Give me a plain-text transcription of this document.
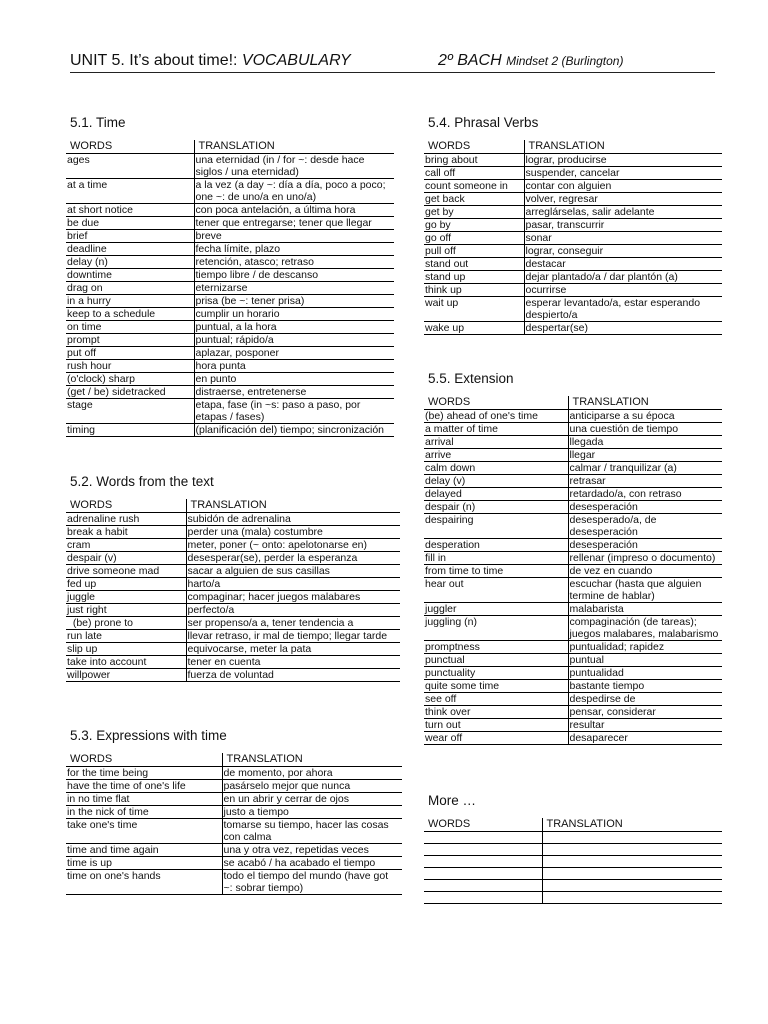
UNIT 5. It’s about time!: VOCABULARY	2º BACH Mindset 2 (Burlington)
5.1. Time
WORDS	TRANSLATION
ages	una eternidad (in / for ~: desde hace siglos / una eternidad)
at a time	a la vez (a day ~: día a día, poco a poco; one ~: de uno/a en uno/a)
at short notice	con poca antelación, a última hora
be due	tener que entregarse; tener que llegar
brief	breve
deadline	fecha límite, plazo
delay (n)	retención, atasco; retraso
downtime	tiempo libre / de descanso
drag on	eternizarse
in a hurry	prisa (be ~: tener prisa)
keep to a schedule	cumplir un horario
on time	puntual, a la hora
prompt	puntual; rápido/a
put off	aplazar, posponer
rush hour	hora punta
(o'clock) sharp	en punto
(get / be) sidetracked	distraerse, entretenerse
stage	etapa, fase (in ~s: paso a paso, por etapas / fases)
timing	(planificación del) tiempo; sincronización
5.2. Words from the text
WORDS	TRANSLATION
adrenaline rush	subidón de adrenalina
break a habit	perder una (mala) costumbre
cram	meter, poner (~ onto: apelotonarse en)
despair (v)	desesperar(se), perder la esperanza
drive someone mad	sacar a alguien de sus casillas
fed up	harto/a
juggle	compaginar; hacer juegos malabares
just right	perfecto/a
(be) prone to	ser propenso/a a, tener tendencia a
run late	llevar retraso, ir mal de tiempo; llegar tarde
slip up	equivocarse, meter la pata
take into account	tener en cuenta
willpower	fuerza de voluntad
5.3. Expressions with time
WORDS	TRANSLATION
for the time being	de momento, por ahora
have the time of one's life	pasárselo mejor que nunca
in no time flat	en un abrir y cerrar de ojos
in the nick of time	justo a tiempo
take one's time	tomarse su tiempo, hacer las cosas con calma
time and time again	una y otra vez, repetidas veces
time is up	se acabó / ha acabado el tiempo
time on one's hands	todo el tiempo del mundo (have got ~: sobrar tiempo)
5.4. Phrasal Verbs
WORDS	TRANSLATION
bring about	lograr, producirse
call off	suspender, cancelar
count someone in	contar con alguien
get back	volver, regresar
get by	arreglárselas, salir adelante
go by	pasar, transcurrir
go off	sonar
pull off	lograr, conseguir
stand out	destacar
stand up	dejar plantado/a / dar plantón (a)
think up	ocurrirse
wait up	esperar levantado/a, estar esperando despierto/a
wake up	despertar(se)
5.5. Extension
WORDS	TRANSLATION
(be) ahead of one's time	anticiparse a su época
a matter of time	una cuestión de tiempo
arrival	llegada
arrive	llegar
calm down	calmar / tranquilizar (a)
delay (v)	retrasar
delayed	retardado/a, con retraso
despair (n)	desesperación
despairing	desesperado/a, de desesperación
desperation	desesperación
fill in	rellenar (impreso o documento)
from time to time	de vez en cuando
hear out	escuchar (hasta que alguien termine de hablar)
juggler	malabarista
juggling (n)	compaginación (de tareas); juegos malabares, malabarismo
promptness	puntualidad; rapidez
punctual	puntual
punctuality	puntualidad
quite some time	bastante tiempo
see off	despedirse de
think over	pensar, considerar
turn out	resultar
wear off	desaparecer
More …
WORDS	TRANSLATION
